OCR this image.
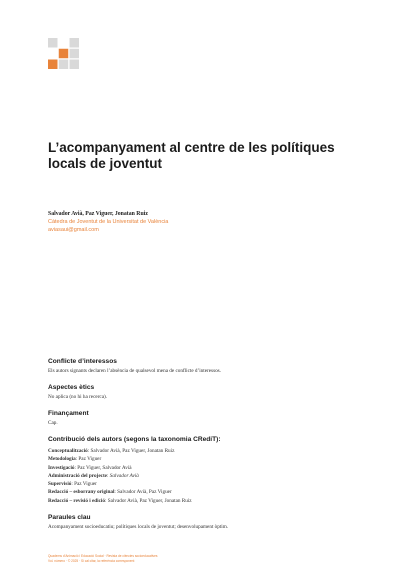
L’acompanyament al centre de les polítiques locals de joventut
Salvador Avià, Paz Viguer, Jonatan Ruiz
Càtedra de Joventut de la Universitat de València
aviasaui@gmail.com
Conflicte d’interessos

Els autors signants declaren l’absència de qualsevol mena de conflicte d’interessos.

Aspectes ètics

No aplica (no hi ha recerca).

Finançament

Cap.

Contribució dels autors (segons la taxonomia CRediT):
Conceptualització: Salvador Avià, Paz Viguer, Jonatan Ruiz
Metodologia: Paz Viguer
Investigació: Paz Viguer, Salvador Avià
Administració del projecte: Salvador Avià
Supervisió: Paz Viguer
Redacció – esborrany original: Salvador Avià, Paz Viguer
Redacció – revisió i edició: Salvador Avià, Paz Viguer, Jonatan Ruiz
Paraules clau

Acompanyament socioeducatiu; polítiques locals de joventut; desenvolupament òptim.

Quaderns d’Animació i Educació Social · Revista de ciències socioeducatives
Vol. número · © 2025 · Si cal citar, la referència corresponent
